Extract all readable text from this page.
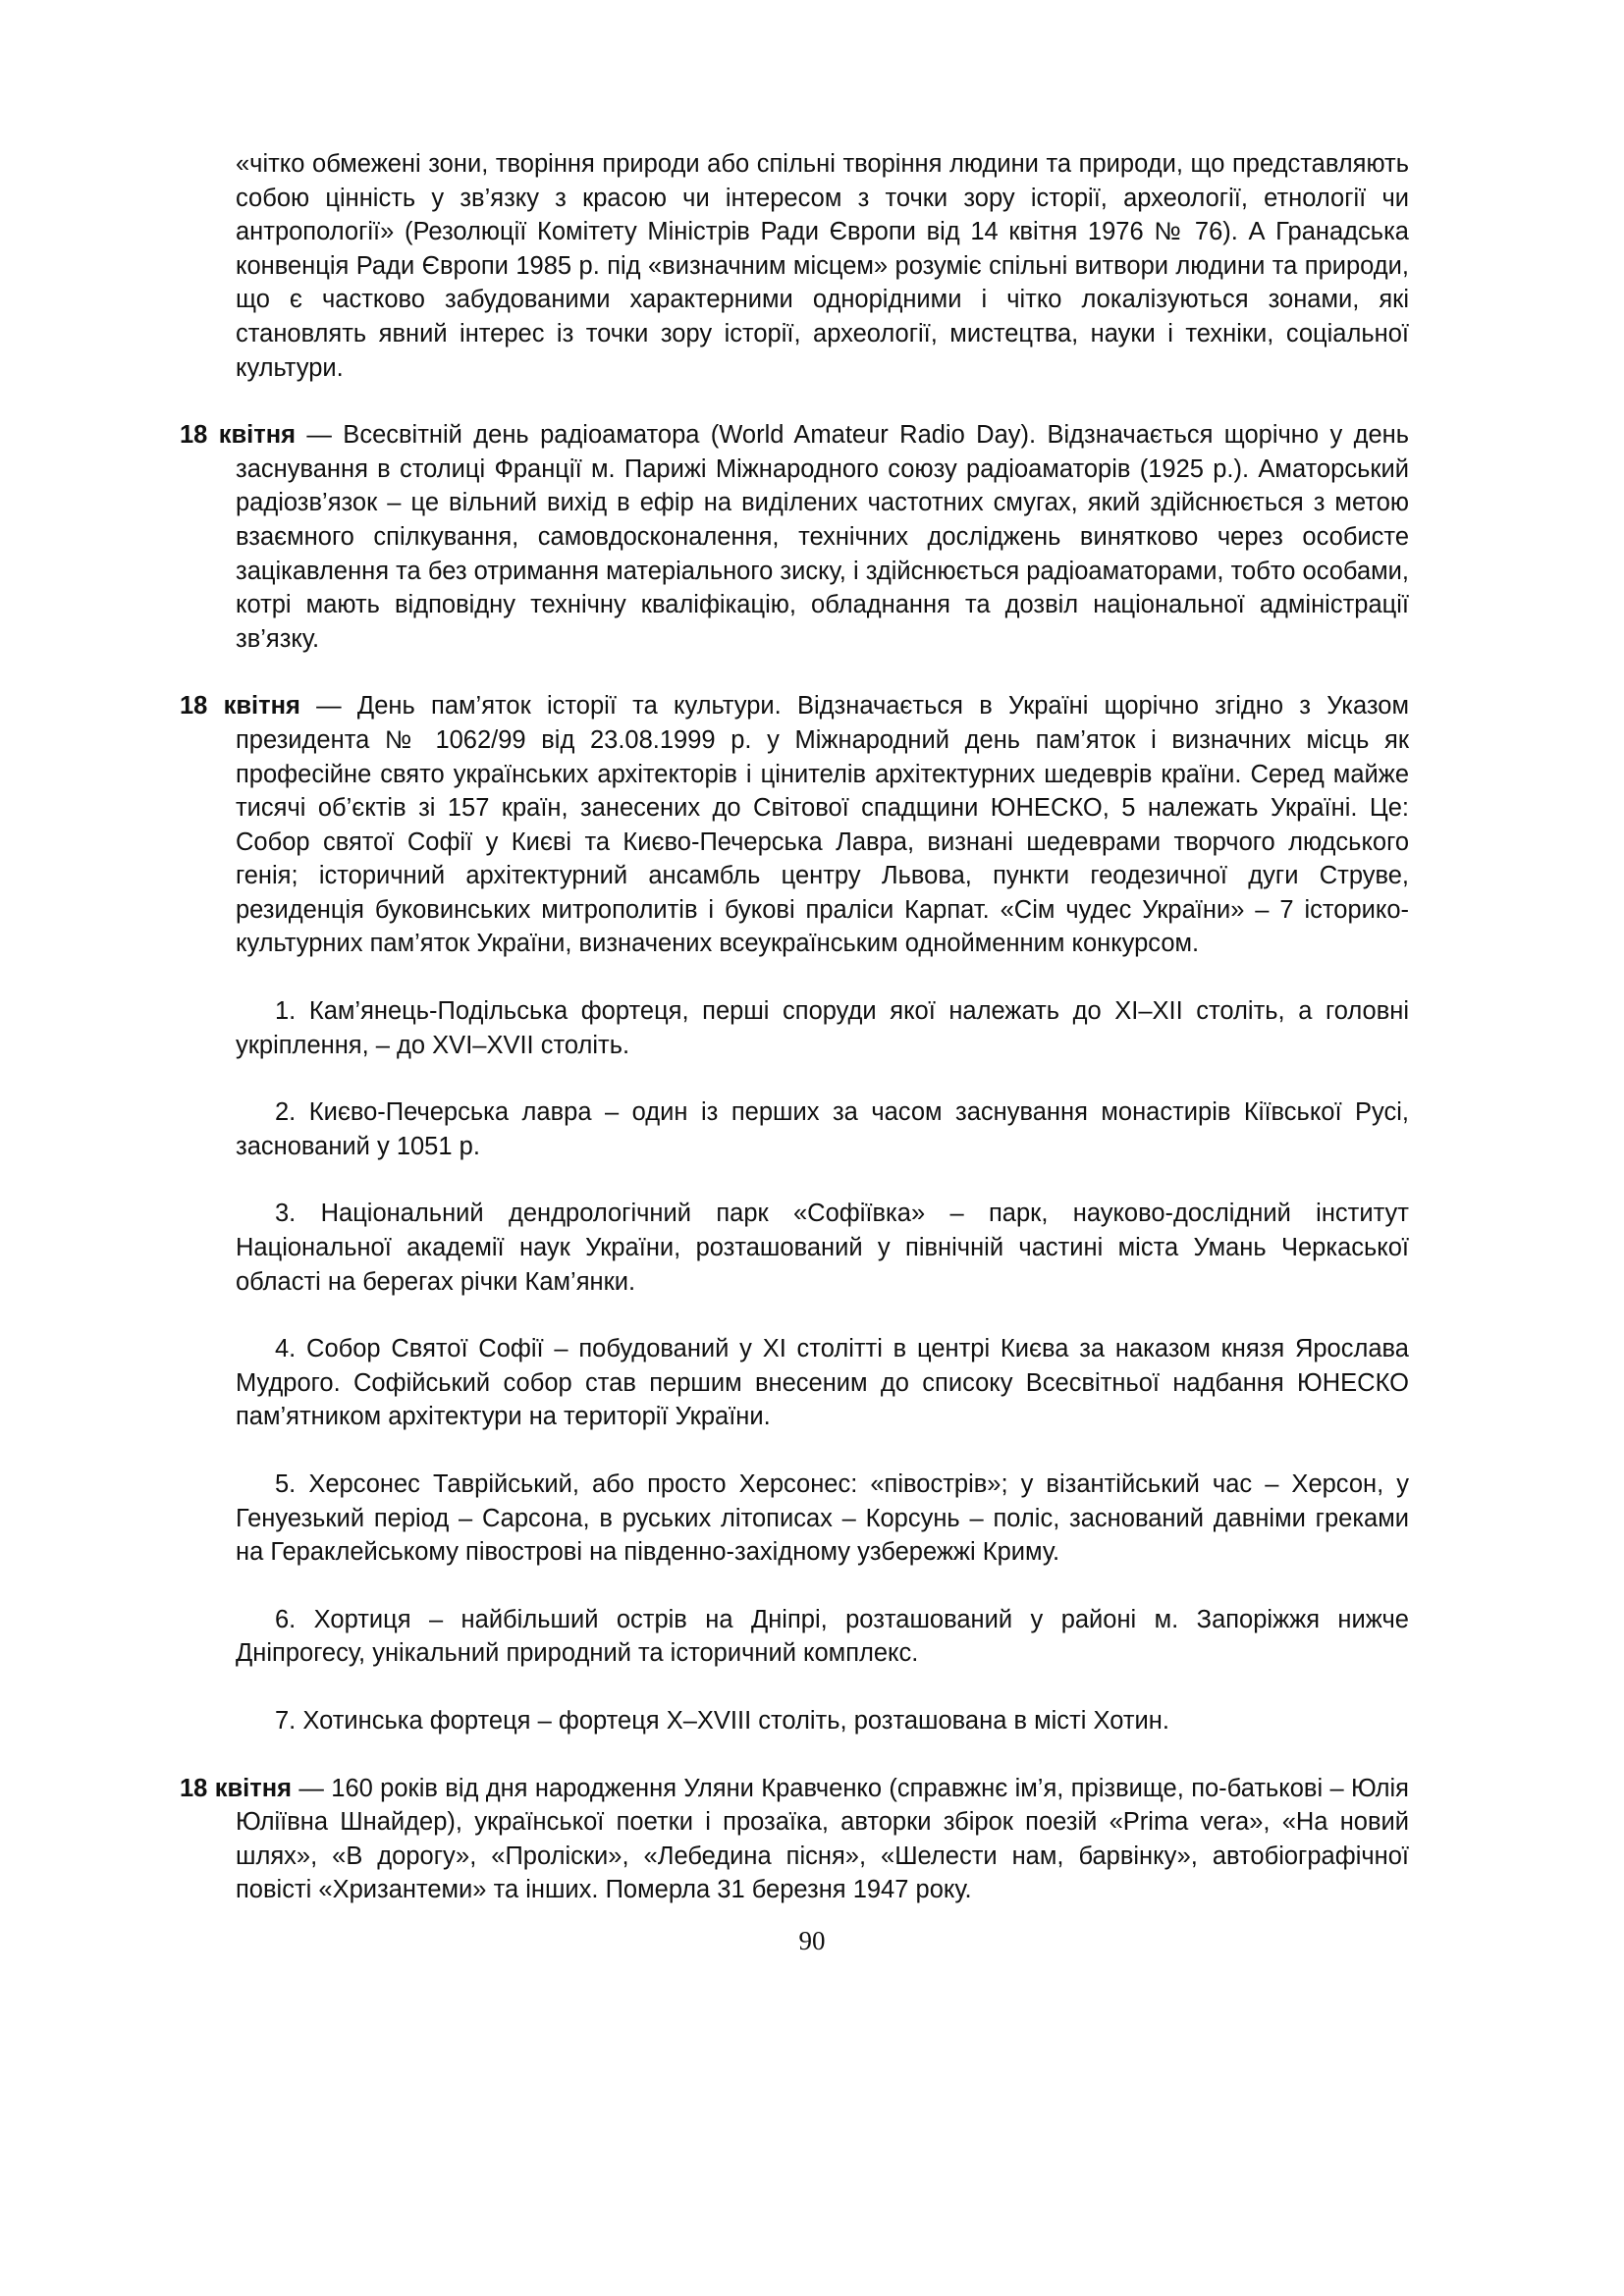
«чітко обмежені зони, творіння природи або спільні творіння людини та природи, що представляють собою цінність у зв’язку з красою чи інтересом з точки зору історії, археології, етнології чи антропології» (Резолюції Комітету Міністрів Ради Європи від 14 квітня 1976 № 76). А Гранадська конвенція Ради Європи 1985 р. під «визначним місцем» розуміє спільні витвори людини та природи, що є частково забудованими характерними однорідними і чітко локалізуються зонами, які становлять явний інтерес із точки зору історії, археології, мистецтва, науки і техніки, соціальної культури.

18 квітня — Всесвітній день радіоаматора (World Amateur Radio Day). Відзначається щорічно у день заснування в столиці Франції м. Парижі Міжнародного союзу радіоаматорів (1925 р.). Аматорський радіозв’язок – це вільний вихід в ефір на виділених частотних смугах, який здійснюється з метою взаємного спілкування, самовдосконалення, технічних досліджень винятково через особисте зацікавлення та без отримання матеріального зиску, і здійснюється радіоаматорами, тобто особами, котрі мають відповідну технічну кваліфікацію, обладнання та дозвіл національної адміністрації зв’язку.

18 квітня — День пам’яток історії та культури. Відзначається в Україні щорічно згідно з Указом президента № 1062/99 від 23.08.1999 р. у Міжнародний день пам’яток і визначних місць як професійне свято українських архітекторів і цінителів архітектурних шедеврів країни. Серед майже тисячі об’єктів зі 157 країн, занесених до Світової спадщини ЮНЕСКО, 5 належать Україні. Це: Собор святої Софії у Києві та Києво-Печерська Лавра, визнані шедеврами творчого людського генія; історичний архітектурний ансамбль центру Львова, пункти геодезичної дуги Струве, резиденція буковинських митрополитів і букові праліси Карпат. «Сім чудес України» – 7 історико-культурних пам’яток України, визначених всеукраїнським однойменним конкурсом.

1. Кам’янець-Подільська фортеця, перші споруди якої належать до XI–XII століть, а головні укріплення, – до XVI–XVII століть.

2. Києво-Печерська лавра – один із перших за часом заснування монастирів Кіївської Русі, заснований у 1051 р.

3. Національний дендрологічний парк «Софіївка» – парк, науково-дослідний інститут Національної академії наук України, розташований у північній частині міста Умань Черкаської області на берегах річки Кам’янки.

4. Собор Святої Софії – побудований у XI столітті в центрі Києва за наказом князя Ярослава Мудрого. Софійський собор став першим внесеним до списоку Всесвітньої надбання ЮНЕСКО пам’ятником архітектури на території України.

5. Херсонес Таврійський, або просто Херсонес: «півострів»; у візантійський час – Херсон, у Генуезький період – Сарсона, в руських літописах – Корсунь – поліс, заснований давніми греками на Гераклейському півострові на південно-західному узбережжі Криму.

6. Хортиця – найбільший острів на Дніпрі, розташований у районі м. Запоріжжя нижче Дніпрогесу, унікальний природний та історичний комплекс.

7. Хотинська фортеця – фортеця X–XVIII століть, розташована в місті Хотин.

18 квітня — 160 років від дня народження Уляни Кравченко (справжнє ім’я, прізвище, по-батькові – Юлія Юліївна Шнайдер), української поетки і прозаїка, авторки збірок поезій «Prima vera», «На новий шлях», «В дорогу», «Проліски», «Лебедина пісня», «Шелести нам, барвінку», автобіографічної повісті «Хризантеми» та інших. Померла 31 березня 1947 року.

90
